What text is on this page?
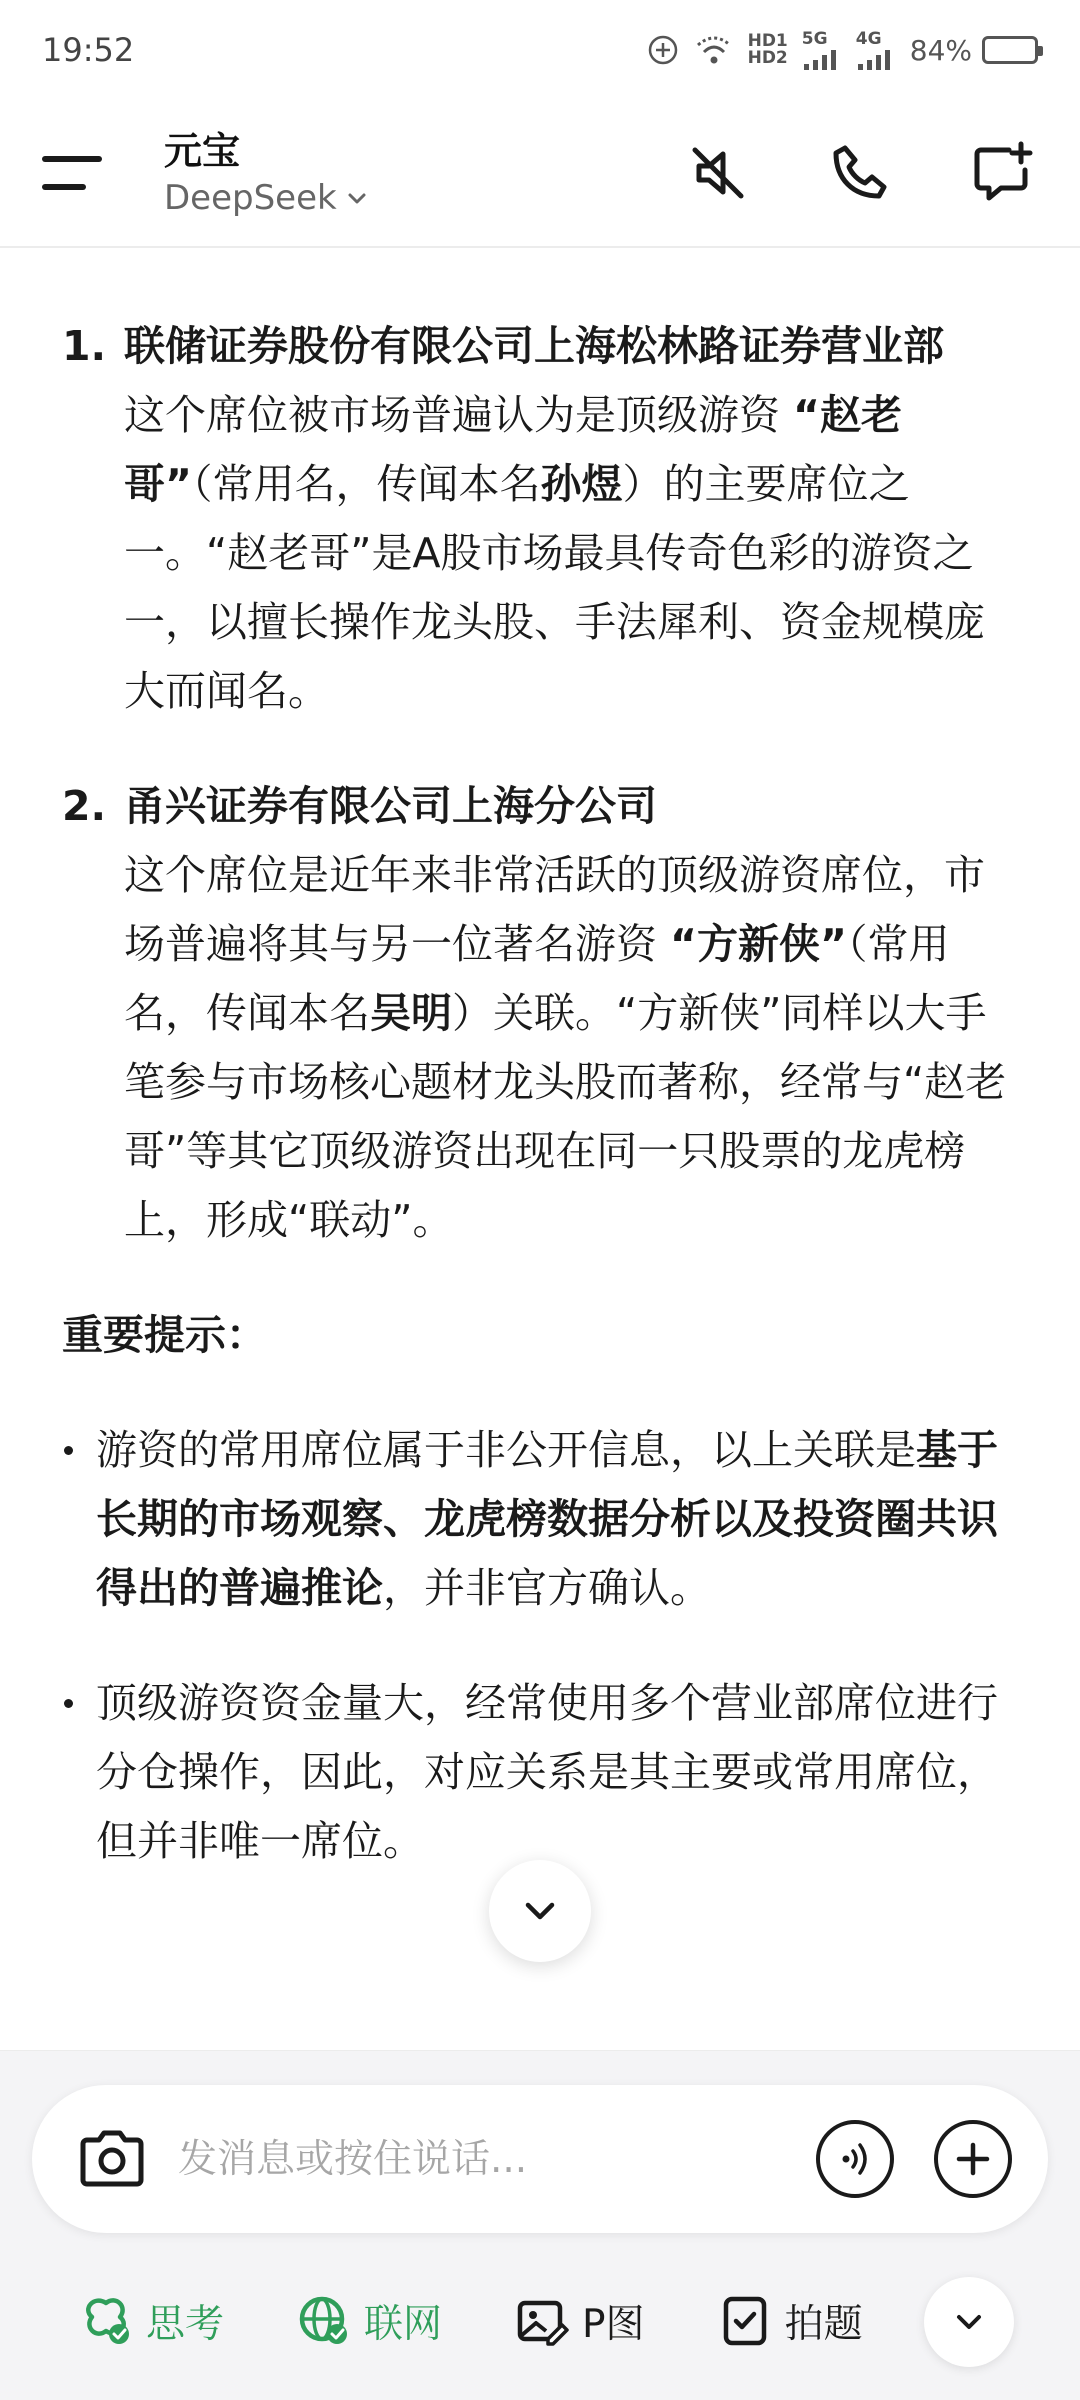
19:52	HD1
HD2
5G 4G 84%
元宝
DeepSeek
1. 联储证券股份有限公司上海松林路证券营业部
这个席位被市场普遍认为是顶级游资 “赵老哥”（常用名，传闻本名孙煜）的主要席位之一。“赵老哥”是A股市场最具传奇色彩的游资之一，以擅长操作龙头股、手法犀利、资金规模庞大而闻名。
2. 甬兴证券有限公司上海分公司
这个席位是近年来非常活跃的顶级游资席位，市场普遍将其与另一位著名游资 “方新侠”（常用名，传闻本名吴明）关联。“方新侠”同样以大手笔参与市场核心题材龙头股而著称，经常与“赵老哥”等其它顶级游资出现在同一只股票的龙虎榜上，形成“联动”。
重要提示：
游资的常用席位属于非公开信息，以上关联是基于长期的市场观察、龙虎榜数据分析以及投资圈共识得出的普遍推论，并非官方确认。
顶级游资资金量大，经常使用多个营业部席位进行分仓操作，因此，对应关系是其主要或常用席位，但并非唯一席位。
发消息或按住说话...
思考	联网	P图	拍题
